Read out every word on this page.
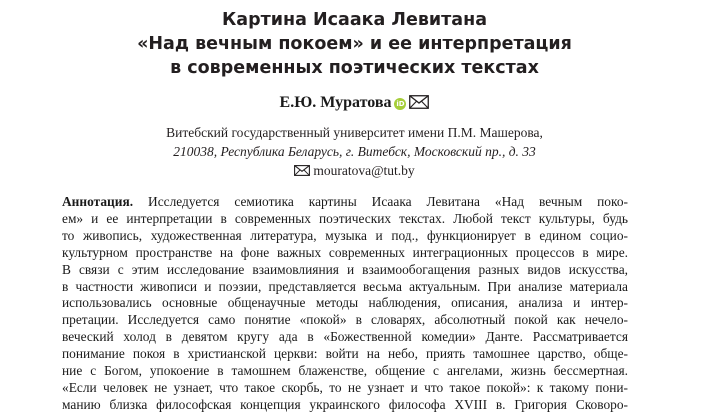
Картина Исаака Левитана
«Над вечным покоем» и ее интерпретация
в современных поэтических текстах
Е.Ю. Муратова iD
Витебский государственный университет имени П.М. Машерова,
210038, Республика Беларусь, г. Витебск, Московский пр., д. 33
mouratova@tut.by
Аннотация. Исследуется семиотика картины Исаака Левитана «Над вечным поко-
ем» и ее интерпретации в современных поэтических текстах. Любой текст культуры, будь
то живопись, художественная литература, музыка и под., функционирует в едином социо-
культурном пространстве на фоне важных современных интеграционных процессов в мире.
В связи с этим исследование взаимовлияния и взаимообогащения разных видов искусства,
в частности живописи и поэзии, представляется весьма актуальным. При анализе материала
использовались основные общенаучные методы наблюдения, описания, анализа и интер-
претации. Исследуется само понятие «покой» в словарях, абсолютный покой как нечело-
веческий холод в девятом кругу ада в «Божественной комедии» Данте. Рассматривается
понимание покоя в христианской церкви: войти на небо, приять тамошнее царство, обще-
ние с Богом, упокоение в тамошнем блаженстве, общение с ангелами, жизнь бессмертная.
«Если человек не узнает, что такое скорбь, то не узнает и что такое покой»: к такому пони-
манию близка философская концепция украинского философа XVIII в. Григория Сковоро-
